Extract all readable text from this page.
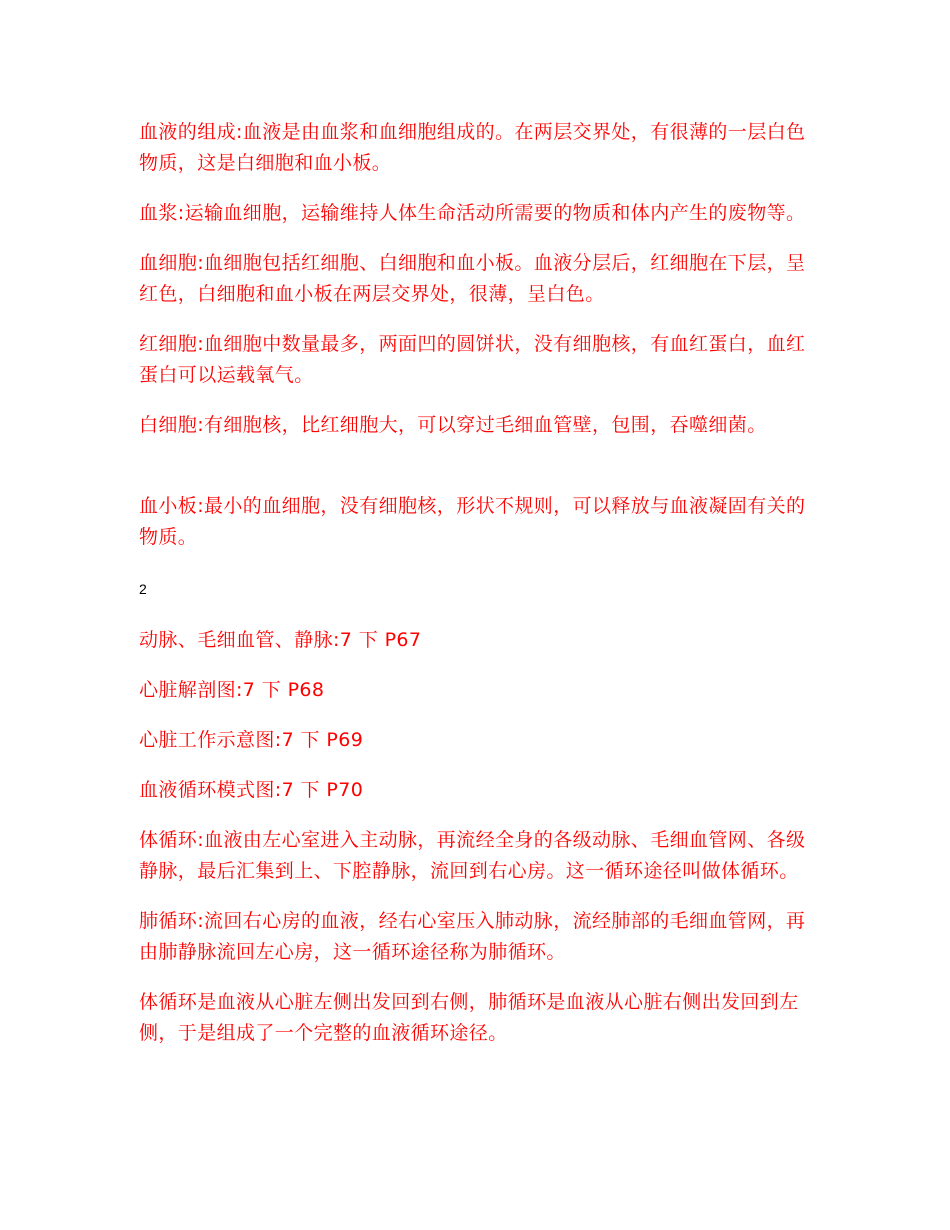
血液的组成:血液是由血浆和血细胞组成的。在两层交界处，有很薄的一层白色物质，这是白细胞和血小板。

血浆:运输血细胞，运输维持人体生命活动所需要的物质和体内产生的废物等。

血细胞:血细胞包括红细胞、白细胞和血小板。血液分层后，红细胞在下层，呈红色，白细胞和血小板在两层交界处，很薄，呈白色。

红细胞:血细胞中数量最多，两面凹的圆饼状，没有细胞核，有血红蛋白，血红蛋白可以运载氧气。

白细胞:有细胞核，比红细胞大，可以穿过毛细血管壁，包围，吞噬细菌。

血小板:最小的血细胞，没有细胞核，形状不规则，可以释放与血液凝固有关的物质。

2

动脉、毛细血管、静脉:7 下 P67

心脏解剖图:7 下 P68

心脏工作示意图:7 下 P69

血液循环模式图:7 下 P70

体循环:血液由左心室进入主动脉，再流经全身的各级动脉、毛细血管网、各级静脉，最后汇集到上、下腔静脉，流回到右心房。这一循环途径叫做体循环。

肺循环:流回右心房的血液，经右心室压入肺动脉，流经肺部的毛细血管网，再由肺静脉流回左心房，这一循环途径称为肺循环。

体循环是血液从心脏左侧出发回到右侧，肺循环是血液从心脏右侧出发回到左侧，于是组成了一个完整的血液循环途径。
